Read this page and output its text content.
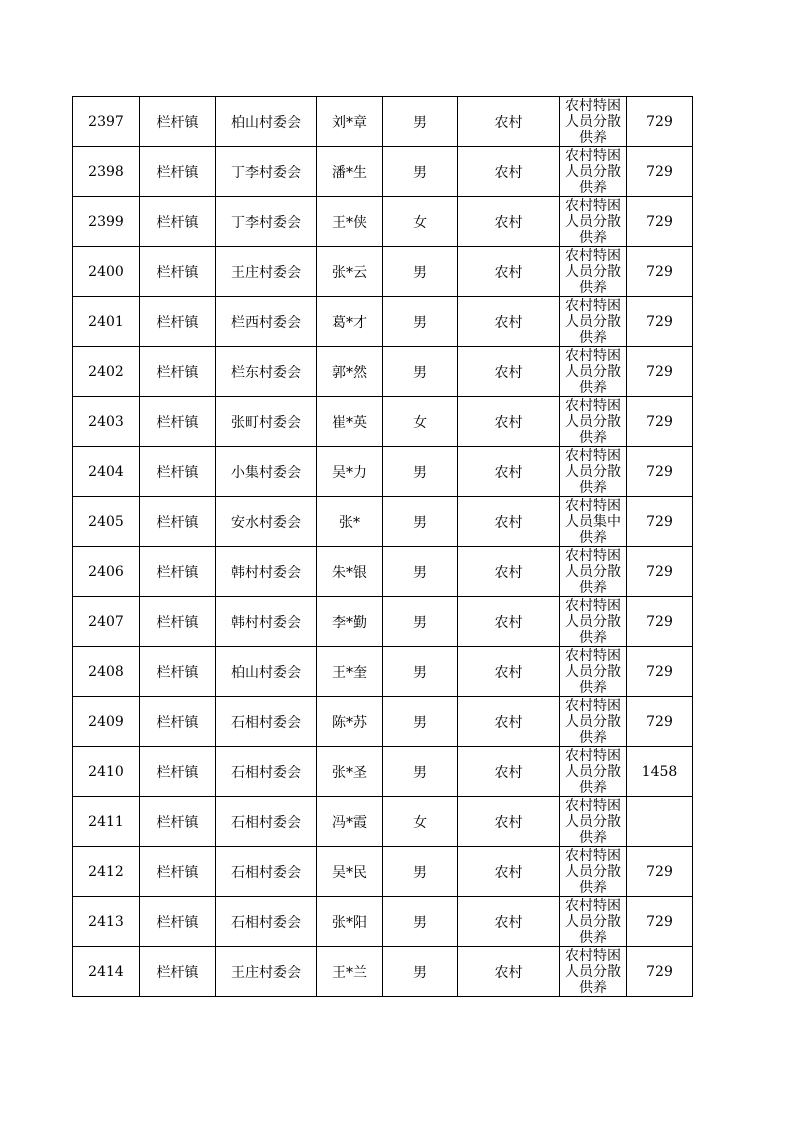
2397	栏杆镇	柏山村委会	刘*章	男	农村	农村特困人员分散供养	729
2398	栏杆镇	丁李村委会	潘*生	男	农村	农村特困人员分散供养	729
2399	栏杆镇	丁李村委会	王*侠	女	农村	农村特困人员分散供养	729
2400	栏杆镇	王庄村委会	张*云	男	农村	农村特困人员分散供养	729
2401	栏杆镇	栏西村委会	葛*才	男	农村	农村特困人员分散供养	729
2402	栏杆镇	栏东村委会	郭*然	男	农村	农村特困人员分散供养	729
2403	栏杆镇	张町村委会	崔*英	女	农村	农村特困人员分散供养	729
2404	栏杆镇	小集村委会	吴*力	男	农村	农村特困人员分散供养	729
2405	栏杆镇	安水村委会	张*	男	农村	农村特困人员集中供养	729
2406	栏杆镇	韩村村委会	朱*银	男	农村	农村特困人员分散供养	729
2407	栏杆镇	韩村村委会	李*勤	男	农村	农村特困人员分散供养	729
2408	栏杆镇	柏山村委会	王*奎	男	农村	农村特困人员分散供养	729
2409	栏杆镇	石相村委会	陈*苏	男	农村	农村特困人员分散供养	729
2410	栏杆镇	石相村委会	张*圣	男	农村	农村特困人员分散供养	1458
2411	栏杆镇	石相村委会	冯*霞	女	农村	农村特困人员分散供养	

2412	栏杆镇	石相村委会	吴*民	男	农村	农村特困人员分散供养	729
2413	栏杆镇	石相村委会	张*阳	男	农村	农村特困人员分散供养	729
2414	栏杆镇	王庄村委会	王*兰	男	农村	农村特困人员分散供养	729
